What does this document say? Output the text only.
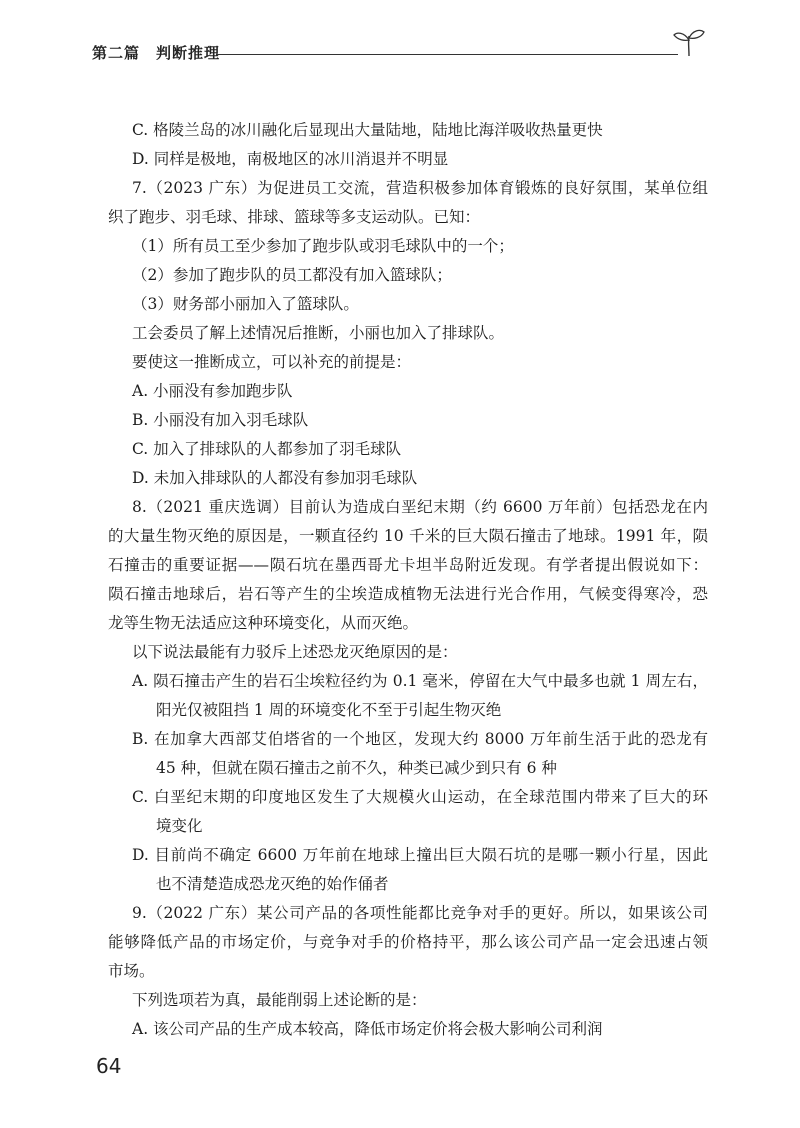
第二篇　判断推理
C. 格陵兰岛的冰川融化后显现出大量陆地，陆地比海洋吸收热量更快
D. 同样是极地，南极地区的冰川消退并不明显
7.（2023 广东）为促进员工交流，营造积极参加体育锻炼的良好氛围，某单位组
织了跑步、羽毛球、排球、篮球等多支运动队。已知：
（1）所有员工至少参加了跑步队或羽毛球队中的一个；
（2）参加了跑步队的员工都没有加入篮球队；
（3）财务部小丽加入了篮球队。
工会委员了解上述情况后推断，小丽也加入了排球队。
要使这一推断成立，可以补充的前提是：
A. 小丽没有参加跑步队
B. 小丽没有加入羽毛球队
C. 加入了排球队的人都参加了羽毛球队
D. 未加入排球队的人都没有参加羽毛球队
8.（2021 重庆选调）目前认为造成白垩纪末期（约 6600 万年前）包括恐龙在内
的大量生物灭绝的原因是，一颗直径约 10 千米的巨大陨石撞击了地球。1991 年，陨
石撞击的重要证据——陨石坑在墨西哥尤卡坦半岛附近发现。有学者提出假说如下：
陨石撞击地球后，岩石等产生的尘埃造成植物无法进行光合作用，气候变得寒冷，恐
龙等生物无法适应这种环境变化，从而灭绝。
以下说法最能有力驳斥上述恐龙灭绝原因的是：
A. 陨石撞击产生的岩石尘埃粒径约为 0.1 毫米，停留在大气中最多也就 1 周左右，
阳光仅被阻挡 1 周的环境变化不至于引起生物灭绝
B. 在加拿大西部艾伯塔省的一个地区，发现大约 8000 万年前生活于此的恐龙有
45 种，但就在陨石撞击之前不久，种类已减少到只有 6 种
C. 白垩纪末期的印度地区发生了大规模火山运动，在全球范围内带来了巨大的环
境变化
D. 目前尚不确定 6600 万年前在地球上撞出巨大陨石坑的是哪一颗小行星，因此
也不清楚造成恐龙灭绝的始作俑者
9.（2022 广东）某公司产品的各项性能都比竞争对手的更好。所以，如果该公司
能够降低产品的市场定价，与竞争对手的价格持平，那么该公司产品一定会迅速占领
市场。
下列选项若为真，最能削弱上述论断的是：
A. 该公司产品的生产成本较高，降低市场定价将会极大影响公司利润
64
